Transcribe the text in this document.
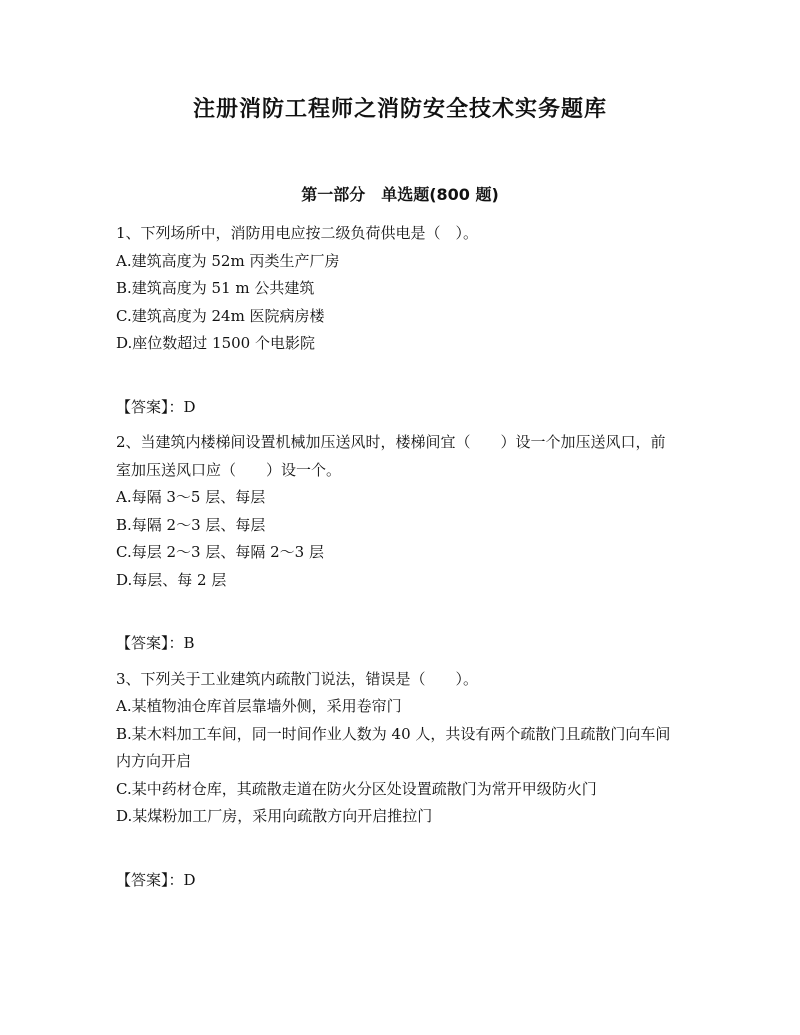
注册消防工程师之消防安全技术实务题库
第一部分　单选题(800 题)

1、下列场所中，消防用电应按二级负荷供电是（　）。

A.建筑高度为 52m 丙类生产厂房

B.建筑高度为 51 m 公共建筑

C.建筑高度为 24m 医院病房楼

D.座位数超过 1500 个电影院

【答案】：D

2、当建筑内楼梯间设置机械加压送风时，楼梯间宜（　　）设一个加压送风口，前室加压送风口应（　　）设一个。

A.每隔 3～5 层、每层

B.每隔 2～3 层、每层

C.每层 2～3 层、每隔 2～3 层

D.每层、每 2 层

【答案】：B

3、下列关于工业建筑内疏散门说法，错误是（　　）。

A.某植物油仓库首层靠墙外侧，采用卷帘门

B.某木料加工车间，同一时间作业人数为 40 人，共设有两个疏散门且疏散门向车间内方向开启

C.某中药材仓库，其疏散走道在防火分区处设置疏散门为常开甲级防火门

D.某煤粉加工厂房，采用向疏散方向开启推拉门

【答案】：D
